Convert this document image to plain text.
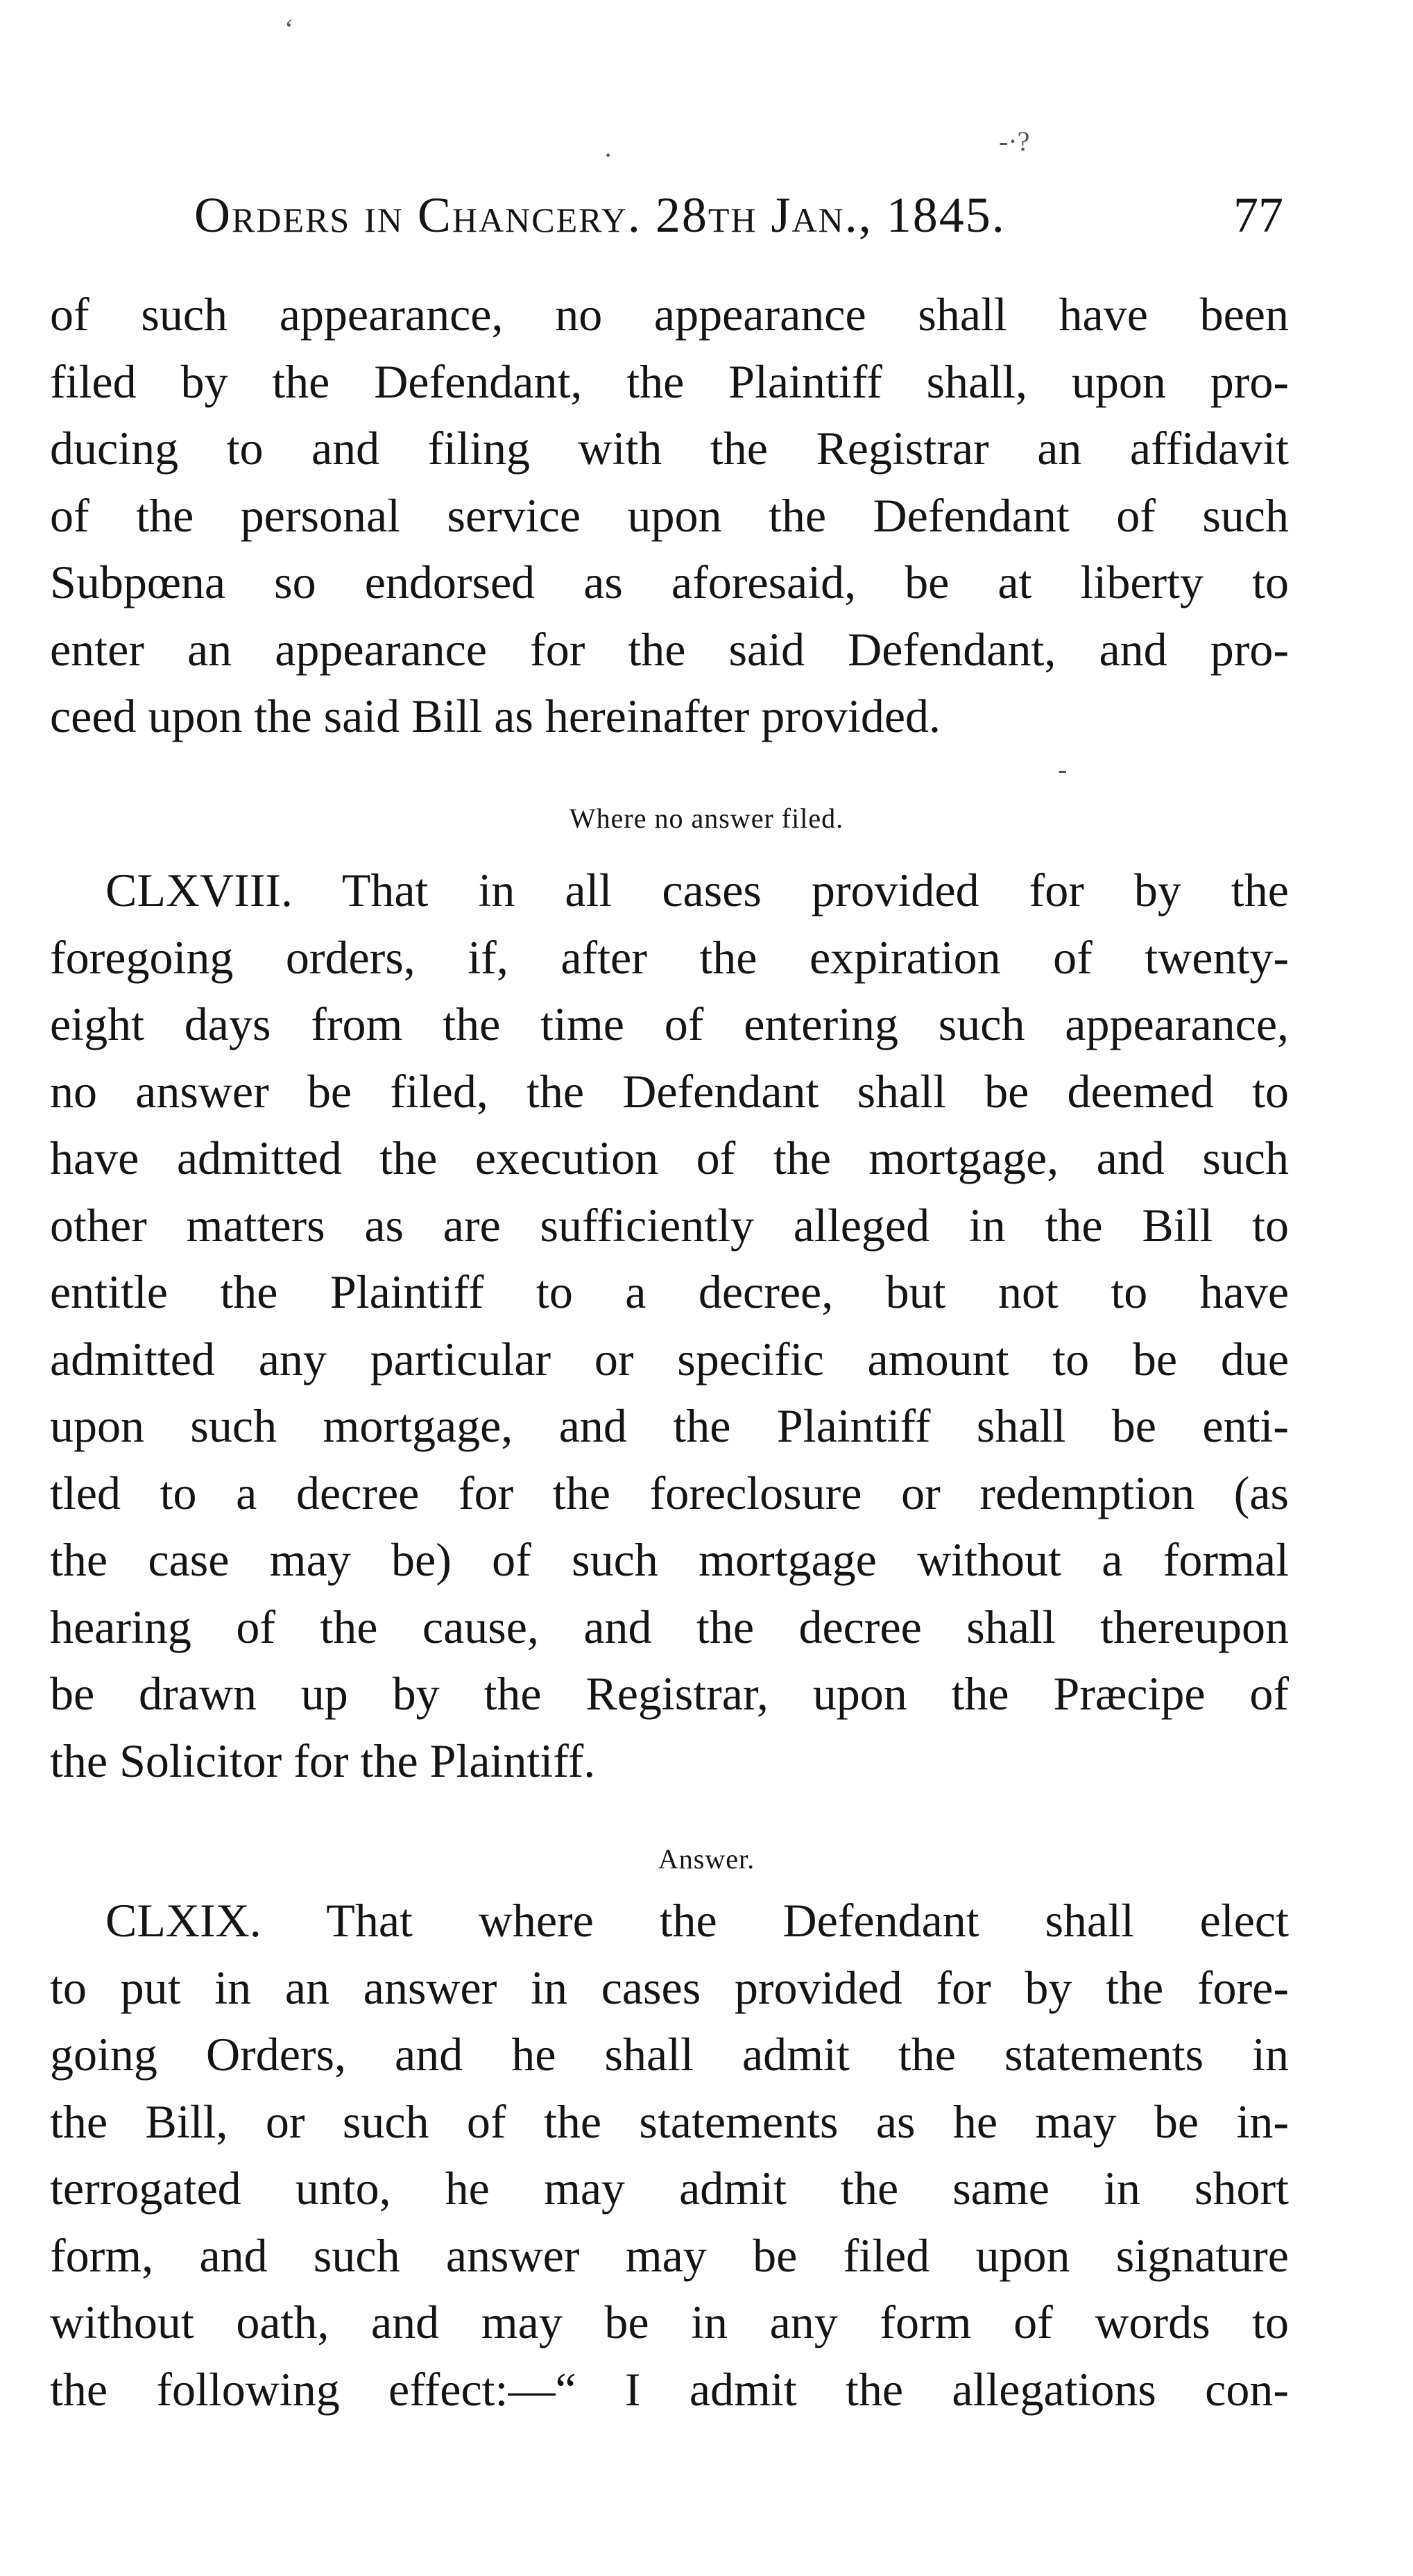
‘
-·?
·
Orders in Chancery. 28th Jan., 1845.	77
of such appearance, no appearance shall have been
filed by the Defendant, the Plaintiff shall, upon pro-
ducing to and filing with the Registrar an affidavit
of the personal service upon the Defendant of such
Subpœna so endorsed as aforesaid, be at liberty to
enter an appearance for the said Defendant, and pro-
ceed upon the said Bill as hereinafter provided.
-
Where no answer filed.
CLXVIII. That in all cases provided for by the
foregoing orders, if, after the expiration of twenty-
eight days from the time of entering such appearance,
no answer be filed, the Defendant shall be deemed to
have admitted the execution of the mortgage, and such
other matters as are sufficiently alleged in the Bill to
entitle the Plaintiff to a decree, but not to have
admitted any particular or specific amount to be due
upon such mortgage, and the Plaintiff shall be enti-
tled to a decree for the foreclosure or redemption (as
the case may be) of such mortgage without a formal
hearing of the cause, and the decree shall thereupon
be drawn up by the Registrar, upon the Præcipe of
the Solicitor for the Plaintiff.
Answer.
CLXIX. That where the Defendant shall elect
to put in an answer in cases provided for by the fore-
going Orders, and he shall admit the statements in
the Bill, or such of the statements as he may be in-
terrogated unto, he may admit the same in short
form, and such answer may be filed upon signature
without oath, and may be in any form of words to
the following effect:—“ I admit the allegations con-
